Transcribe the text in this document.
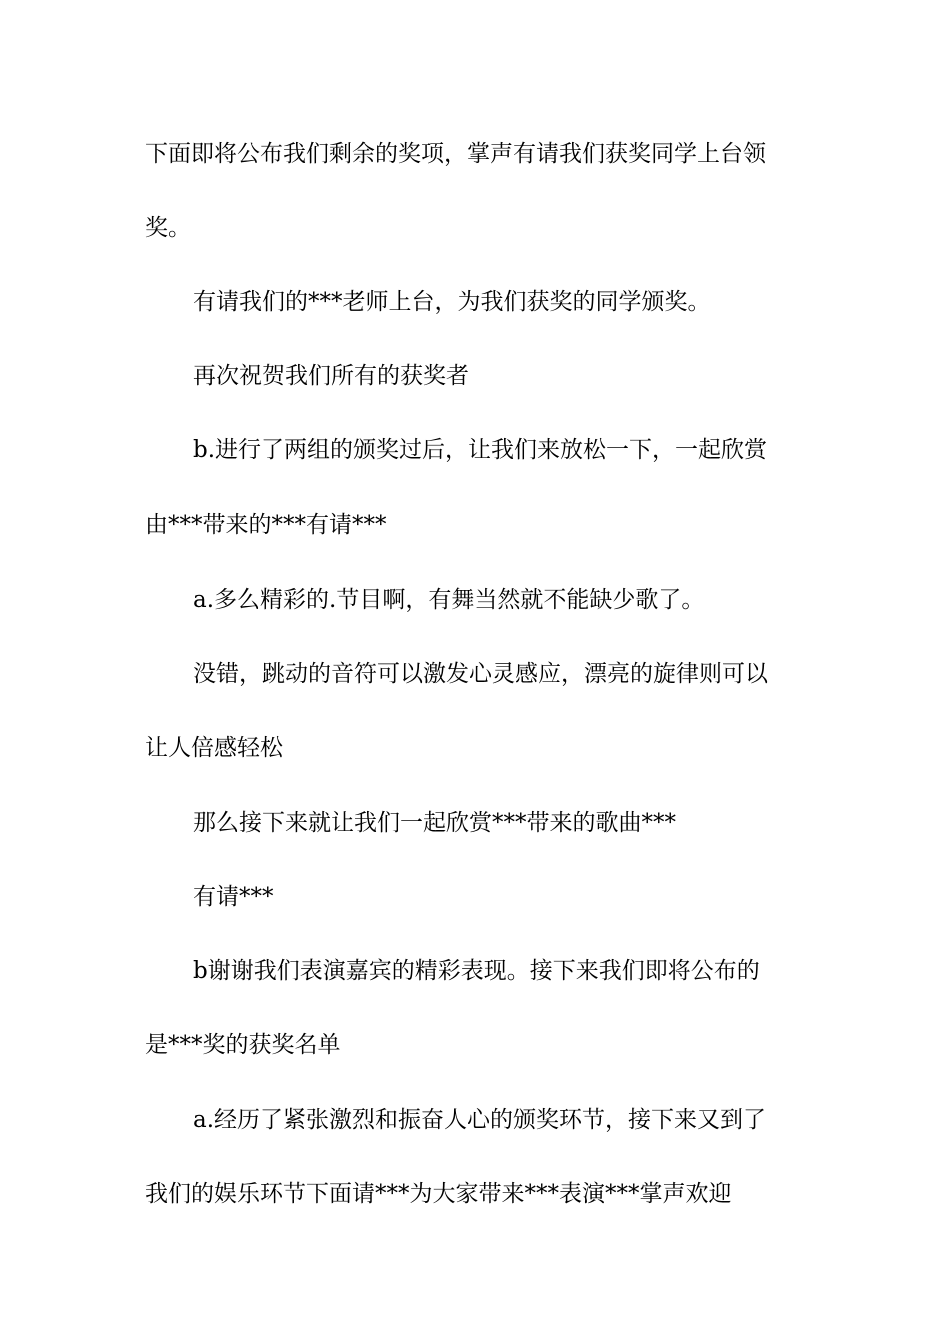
下面即将公布我们剩余的奖项，掌声有请我们获奖同学上台领
奖。
有请我们的***老师上台，为我们获奖的同学颁奖。
再次祝贺我们所有的获奖者
b.进行了两组的颁奖过后，让我们来放松一下，一起欣赏
由***带来的***有请***
a.多么精彩的.节目啊，有舞当然就不能缺少歌了。
没错，跳动的音符可以激发心灵感应，漂亮的旋律则可以
让人倍感轻松
那么接下来就让我们一起欣赏***带来的歌曲***
有请***
b谢谢我们表演嘉宾的精彩表现。接下来我们即将公布的
是***奖的获奖名单
a.经历了紧张激烈和振奋人心的颁奖环节，接下来又到了
我们的娱乐环节下面请***为大家带来***表演***掌声欢迎
